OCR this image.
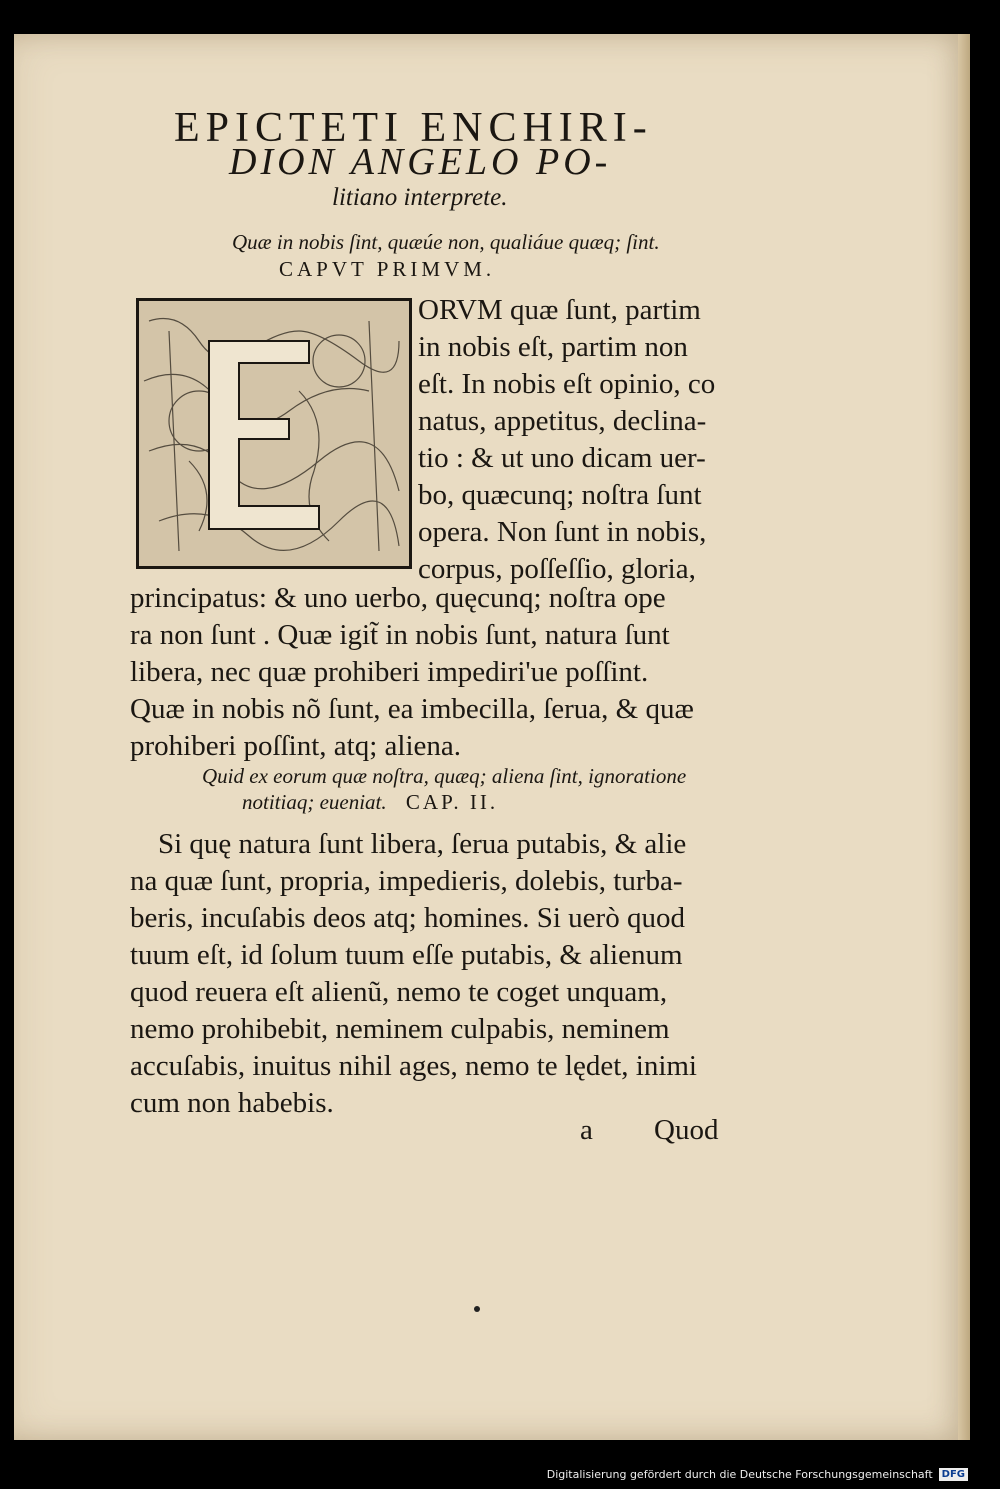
EPICTETI ENCHIRI-
DION ANGELO PO-
litiano interprete.
Quæ in nobis ſint, quæúe non, qualiáue quæq; ſint.
CAPVT PRIMVM.
ORVM quæ ſunt, partim
in nobis eſt, partim non
eſt. In nobis eſt opinio, co
natus, appetitus, declina-
tio : & ut uno dicam uer-
bo, quæcunq; noſtra ſunt
opera. Non ſunt in nobis,
corpus, poſſeſſio, gloria,
principatus: & uno uerbo, quęcunq; noſtra ope
ra non ſunt . Quæ igit̃ in nobis ſunt, natura ſunt
libera, nec quæ prohiberi impediri'ue poſſint.
Quæ in nobis nõ ſunt, ea imbecilla, ſerua, & quæ
prohiberi poſſint, atq; aliena.
Quid ex eorum quæ noſtra, quæq; aliena ſint, ignoratione
notitiaq; eueniat. CAP. II.
Si quę natura ſunt libera, ſerua putabis, & alie
na quæ ſunt, propria, impedieris, dolebis, turba-
beris, incuſabis deos atq; homines. Si uerò quod
tuum eſt, id ſolum tuum eſſe putabis, & alienum
quod reuera eſt alienũ, nemo te coget unquam,
nemo prohibebit, neminem culpabis, neminem
accuſabis, inuitus nihil ages, nemo te lędet, inimi
cum non habebis.
a Quod
Digitalisierung gefördert durch die Deutsche Forschungsgemeinschaft DFG
